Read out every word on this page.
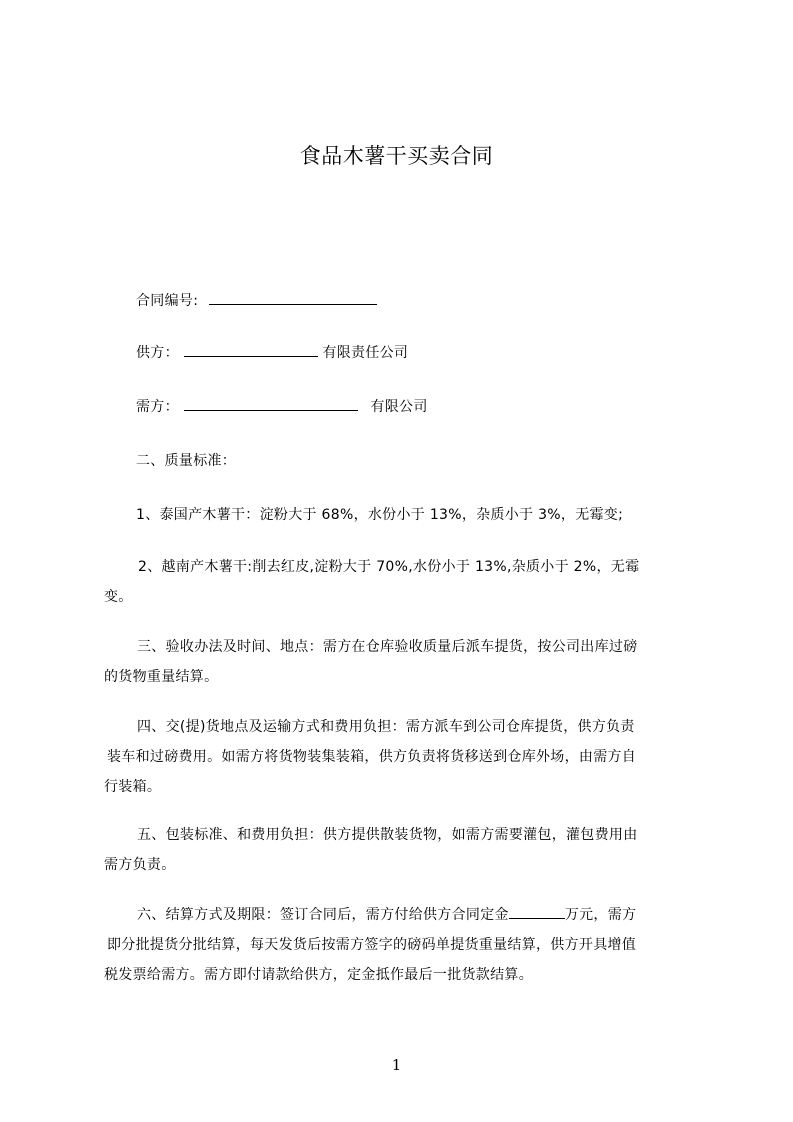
食品木薯干买卖合同
合同编号:
供方：	有限责任公司
需方：	有限公司
二、质量标准：
1、泰国产木薯干：淀粉大于 68%，水份小于 13%，杂质小于 3%，无霉变;
2、越南产木薯干:削去红皮,淀粉大于 70%,水份小于 13%,杂质小于 2%，无霉
变。
三、验收办法及时间、地点：需方在仓库验收质量后派车提货，按公司出库过磅
的货物重量结算。
四、交(提)货地点及运输方式和费用负担：需方派车到公司仓库提货，供方负责
装车和过磅费用。如需方将货物装集装箱，供方负责将货移送到仓库外场，由需方自
行装箱。
五、包装标准、和费用负担：供方提供散装货物，如需方需要灌包，灌包费用由
需方负责。
六、结算方式及期限：签订合同后，需方付给供方合同定金	万元，需方
即分批提货分批结算，每天发货后按需方签字的磅码单提货重量结算，供方开具增值
税发票给需方。需方即付请款给供方，定金抵作最后一批货款结算。
1
